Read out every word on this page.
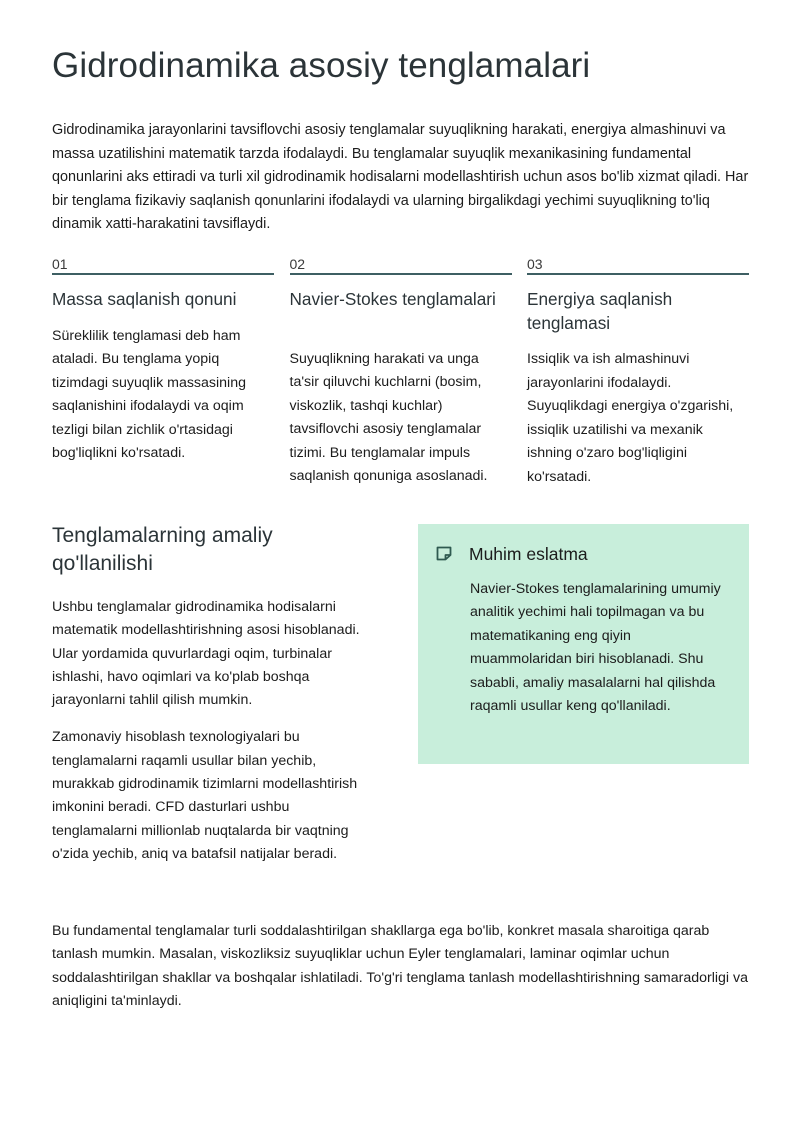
Gidrodinamika asosiy tenglamalari

Gidrodinamika jarayonlarini tavsiflovchi asosiy tenglamalar suyuqlikning harakati, energiya almashinuvi va massa uzatilishini matematik tarzda ifodalaydi. Bu tenglamalar suyuqlik mexanikasining fundamental qonunlarini aks ettiradi va turli xil gidrodinamik hodisalarni modellashtirish uchun asos bo'lib xizmat qiladi. Har bir tenglama fizikaviy saqlanish qonunlarini ifodalaydi va ularning birgalikdagi yechimi suyuqlikning to'liq dinamik xatti-harakatini tavsiflaydi.

01
Massa saqlanish qonuni

Süreklilik tenglamasi deb ham ataladi. Bu tenglama yopiq tizimdagi suyuqlik massasining saqlanishini ifodalaydi va oqim tezligi bilan zichlik o'rtasidagi bog'liqlikni ko'rsatadi.

02
Navier-Stokes tenglamalari

Suyuqlikning harakati va unga ta'sir qiluvchi kuchlarni (bosim, viskozlik, tashqi kuchlar) tavsiflovchi asosiy tenglamalar tizimi. Bu tenglamalar impuls saqlanish qonuniga asoslanadi.

03
Energiya saqlanish tenglamasi

Issiqlik va ish almashinuvi jarayonlarini ifodalaydi. Suyuqlikdagi energiya o'zgarishi, issiqlik uzatilishi va mexanik ishning o'zaro bog'liqligini ko'rsatadi.

Tenglamalarning amaliy qo'llanilishi

Ushbu tenglamalar gidrodinamika hodisalarni matematik modellashtirishning asosi hisoblanadi. Ular yordamida quvurlardagi oqim, turbinalar ishlashi, havo oqimlari va ko'plab boshqa jarayonlarni tahlil qilish mumkin.

Zamonaviy hisoblash texnologiyalari bu tenglamalarni raqamli usullar bilan yechib, murakkab gidrodinamik tizimlarni modellashtirish imkonini beradi. CFD dasturlari ushbu tenglamalarni millionlab nuqtalarda bir vaqtning o'zida yechib, aniq va batafsil natijalar beradi.

Muhim eslatma

Navier-Stokes tenglamalarining umumiy analitik yechimi hali topilmagan va bu matematikaning eng qiyin muammolaridan biri hisoblanadi. Shu sababli, amaliy masalalarni hal qilishda raqamli usullar keng qo'llaniladi.

Bu fundamental tenglamalar turli soddalashtirilgan shakllarga ega bo'lib, konkret masala sharoitiga qarab tanlash mumkin. Masalan, viskozliksiz suyuqliklar uchun Eyler tenglamalari, laminar oqimlar uchun soddalashtirilgan shakllar va boshqalar ishlatiladi. To'g'ri tenglama tanlash modellashtirishning samaradorligi va aniqligini ta'minlaydi.
